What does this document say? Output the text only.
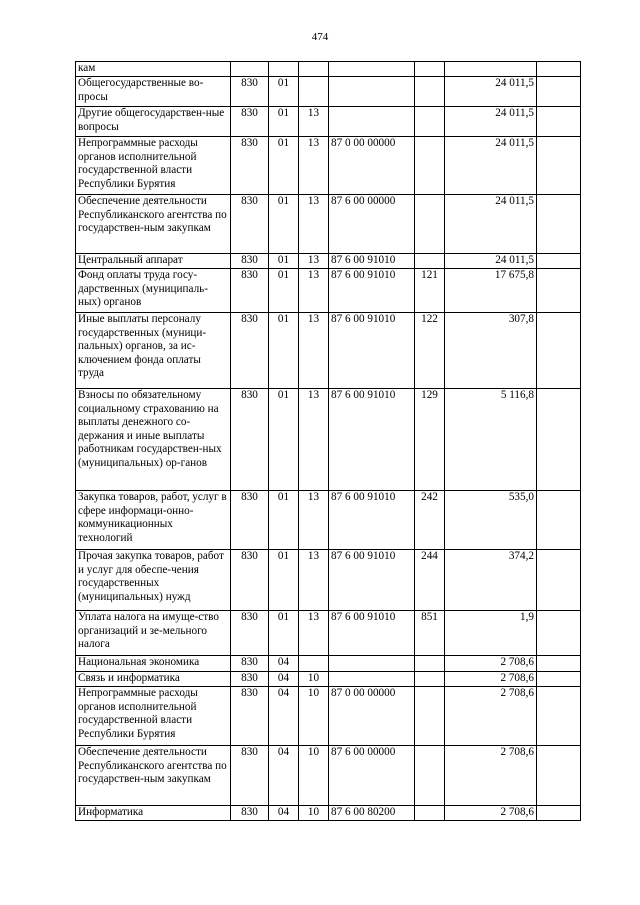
474
кам							
Общегосударственные во-просы	830	01				24 011,5	
Другие общегосударствен-ные вопросы	830	01	13			24 011,5	
Непрограммные расходы органов исполнительной государственной власти Республики Бурятия	830	01	13	87 0 00 00000		24 011,5	
Обеспечение деятельности Республиканского агентства по государствен-ным закупкам	830	01	13	87 6 00 00000		24 011,5	
Центральный аппарат	830	01	13	87 6 00 91010		24 011,5	
Фонд оплаты труда госу-дарственных (муниципаль-ных) органов	830	01	13	87 6 00 91010	121	17 675,8	
Иные выплаты персоналу государственных (муници-пальных) органов, за ис-ключением фонда оплаты труда	830	01	13	87 6 00 91010	122	307,8	
Взносы по обязательному социальному страхованию на выплаты денежного со-держания и иные выплаты работникам государствен-ных (муниципальных) ор-ганов	830	01	13	87 6 00 91010	129	5 116,8	
Закупка товаров, работ, услуг в сфере информаци-онно-коммуникационных технологий	830	01	13	87 6 00 91010	242	535,0	
Прочая закупка товаров, работ и услуг для обеспе-чения государственных (муниципальных) нужд	830	01	13	87 6 00 91010	244	374,2	
Уплата налога на имуще-ство организаций и зе-мельного налога	830	01	13	87 6 00 91010	851	1,9	
Национальная экономика	830	04				2 708,6	
Связь и информатика	830	04	10			2 708,6	
Непрограммные расходы органов исполнительной государственной власти Республики Бурятия	830	04	10	87 0 00 00000		2 708,6	
Обеспечение деятельности Республиканского агентства по государствен-ным закупкам	830	04	10	87 6 00 00000		2 708,6	
Информатика	830	04	10	87 6 00 80200		2 708,6	
